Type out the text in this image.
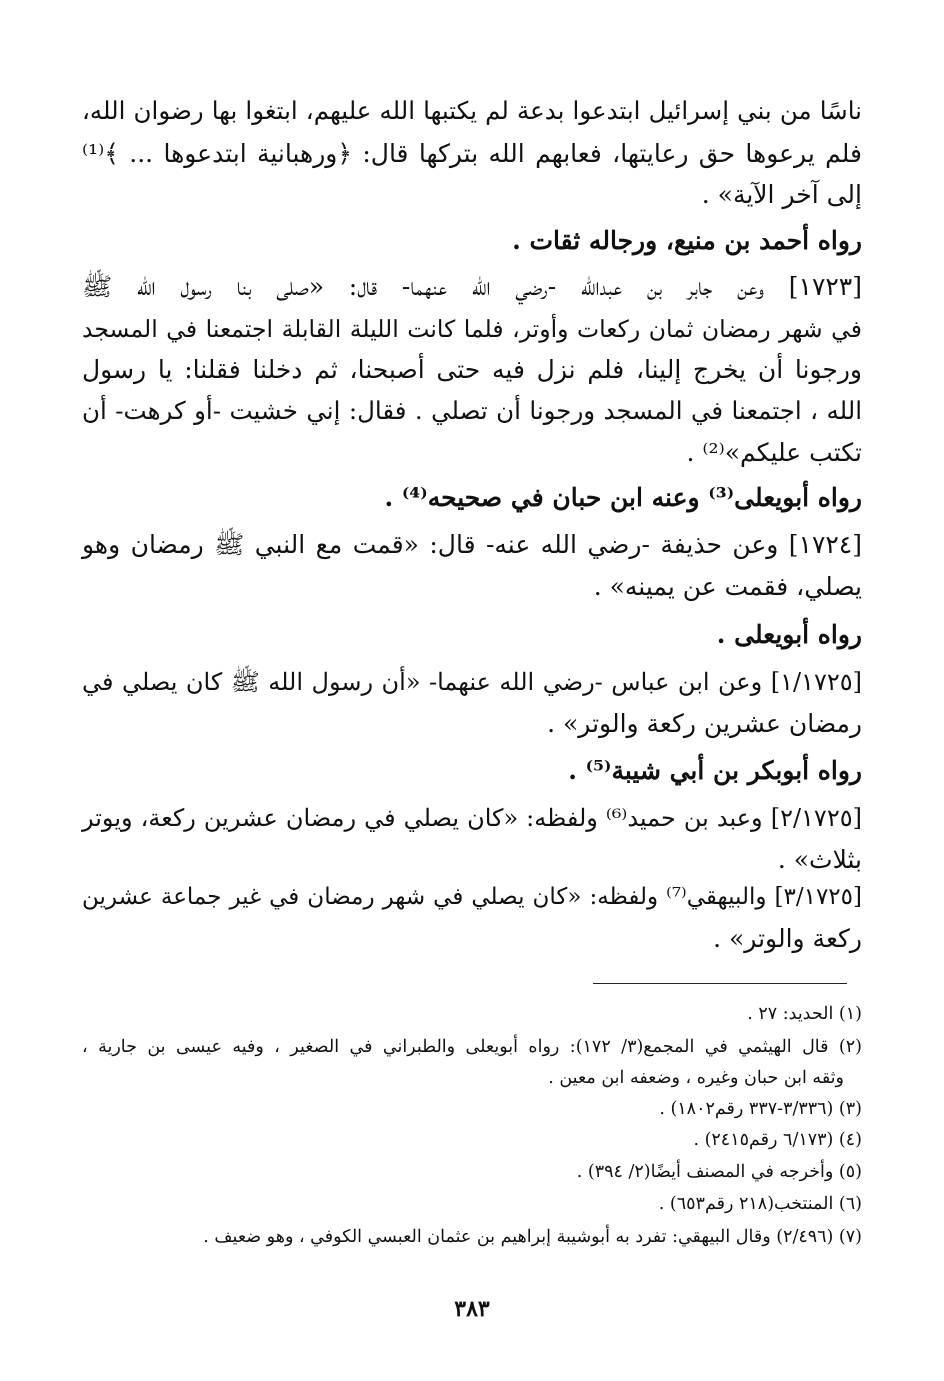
ناسًا من بني إسرائيل ابتدعوا بدعة لم يكتبها الله عليهم، ابتغوا بها رضوان الله،
فلم يرعوها حق رعايتها، فعابهم الله بتركها قال: ﴿ورهبانية ابتدعوها ... ﴾⁽¹⁾
إلى آخر الآية» .
رواه أحمد بن منيع، ورجاله ثقات .
[١٧٢٣] وعن جابر بن عبدالله -رضي الله عنهما- قال: «صلى بنا رسول الله ﷺ
في شهر رمضان ثمان ركعات وأوتر، فلما كانت الليلة القابلة اجتمعنا في المسجد
ورجونا أن يخرج إلينا، فلم نزل فيه حتى أصبحنا، ثم دخلنا فقلنا: يا رسول
الله ، اجتمعنا في المسجد ورجونا أن تصلي . فقال: إني خشيت -أو كرهت- أن
تكتب عليكم»⁽²⁾ .
رواه أبويعلى⁽³⁾ وعنه ابن حبان في صحيحه⁽⁴⁾ .
[١٧٢٤] وعن حذيفة -رضي الله عنه- قال: «قمت مع النبي ﷺ رمضان وهو
يصلي، فقمت عن يمينه» .
رواه أبويعلى .
[١/١٧٢٥] وعن ابن عباس -رضي الله عنهما- «أن رسول الله ﷺ كان يصلي في
رمضان عشرين ركعة والوتر» .
رواه أبوبكر بن أبي شيبة⁽⁵⁾ .
[٢/١٧٢٥] وعبد بن حميد⁽⁶⁾ ولفظه: «كان يصلي في رمضان عشرين ركعة، ويوتر
بثلاث» .
[٣/١٧٢٥] والبيهقي⁽⁷⁾ ولفظه: «كان يصلي في شهر رمضان في غير جماعة عشرين
ركعة والوتر» .
(١) الحديد: ٢٧ .
(٢) قال الهيثمي في المجمع(٣/ ١٧٢): رواه أبويعلى والطبراني في الصغير ، وفيه عيسى بن جارية ،
وثقه ابن حبان وغيره ، وضعفه ابن معين .
(٣) (٣/٣٣٦-٣٣٧ رقم١٨٠٢) .
(٤) (٦/١٧٣ رقم٢٤١٥) .
(٥) وأخرجه في المصنف أيضًا(٢/ ٣٩٤) .
(٦) المنتخب(٢١٨ رقم٦٥٣) .
(٧) (٢/٤٩٦) وقال البيهقي: تفرد به أبوشيبة إبراهيم بن عثمان العبسي الكوفي ، وهو ضعيف .
٣٨٣
